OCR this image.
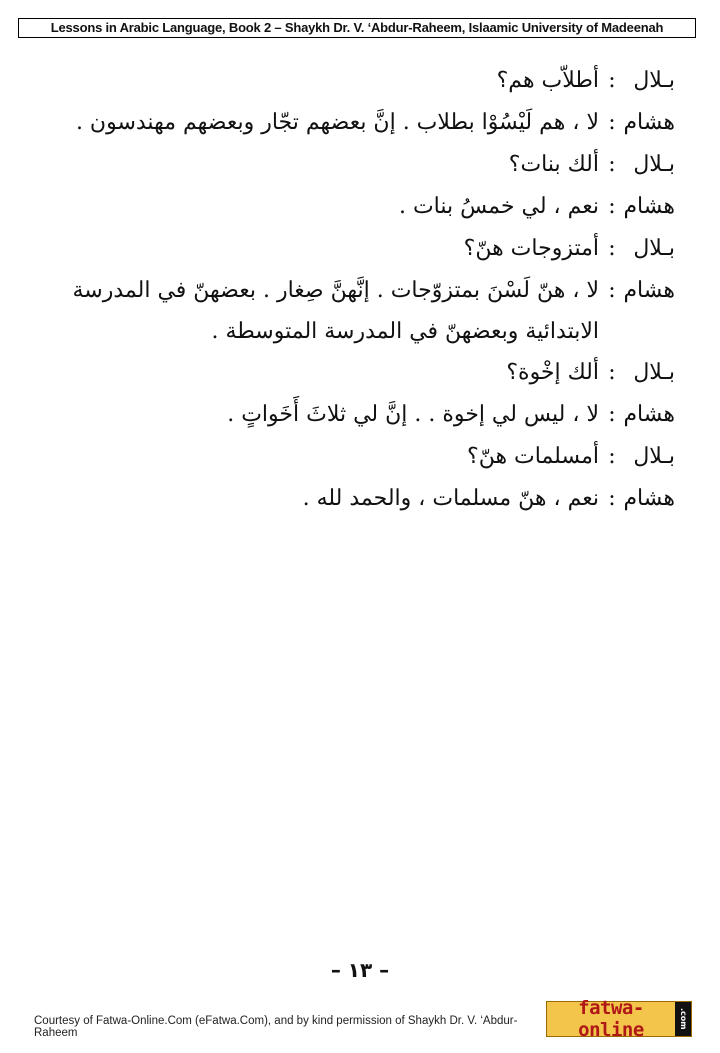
Lessons in Arabic Language, Book 2 – Shaykh Dr. V. ‘Abdur-Raheem, Islaamic University of Madeenah
بـلال
:
أطلاّب هم؟
هشام
:
لا ، هم لَيْسُوْا بطلاب . إنَّ بعضهم تجّار وبعضهم مهندسون .
بـلال
:
ألك بنات؟
هشام
:
نعم ، لي خمسُ بنات .
بـلال
:
أمتزوجات هنّ؟
هشام
:
لا ، هنّ لَسْنَ بمتزوّجات . إنَّهنَّ صِغار . بعضهنّ في المدرسة
الابتدائية وبعضهنّ في المدرسة المتوسطة .
بـلال
:
ألك إخْوة؟
هشام
:
لا ، ليس لي إخوة . . إنَّ لي ثلاثَ أَخَواتٍ .
بـلال
:
أمسلمات هنّ؟
هشام
:
نعم ، هنّ مسلمات ، والحمد لله .
– ١٣ –
Courtesy of Fatwa-Online.Com (eFatwa.Com), and by kind permission of Shaykh Dr. V. ‘Abdur-Raheem
fatwa-online	.com
